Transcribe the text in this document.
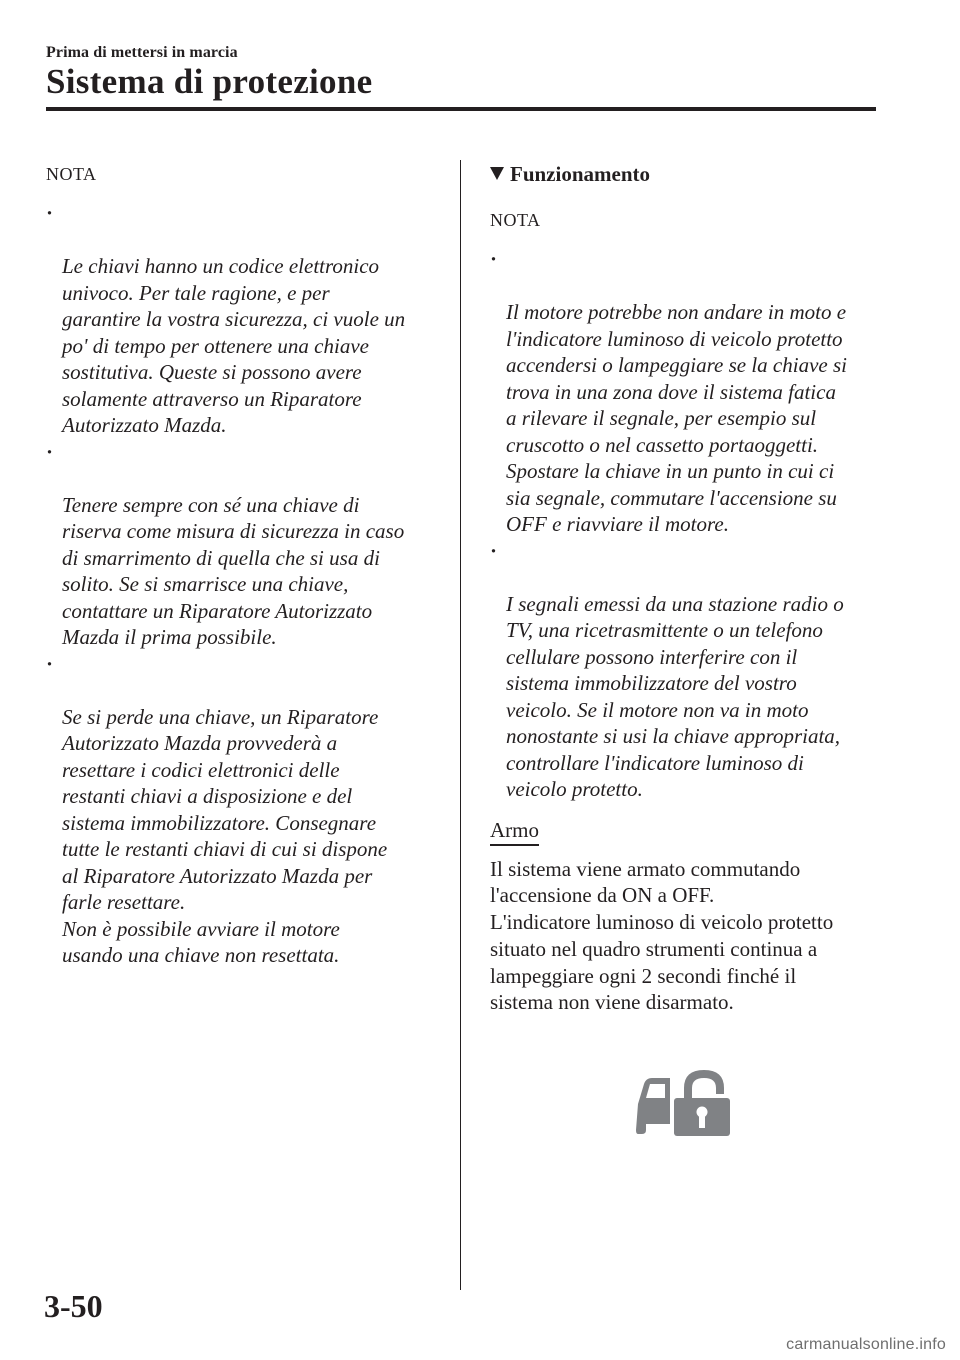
Prima di mettersi in marcia
Sistema di protezione
NOTA

·

Le chiavi hanno un codice elettronico
univoco. Per tale ragione, e per
garantire la vostra sicurezza, ci vuole un
po' di tempo per ottenere una chiave
sostitutiva. Queste si possono avere
solamente attraverso un Riparatore
Autorizzato Mazda.

·

Tenere sempre con sé una chiave di
riserva come misura di sicurezza in caso
di smarrimento di quella che si usa di
solito. Se si smarrisce una chiave,
contattare un Riparatore Autorizzato
Mazda il prima possibile.

·

Se si perde una chiave, un Riparatore
Autorizzato Mazda provvederà a
resettare i codici elettronici delle
restanti chiavi a disposizione e del
sistema immobilizzatore. Consegnare
tutte le restanti chiavi di cui si dispone
al Riparatore Autorizzato Mazda per
farle resettare.

Non è possibile avviare il motore
usando una chiave non resettata.

Funzionamento
NOTA

·

Il motore potrebbe non andare in moto e
l'indicatore luminoso di veicolo protetto
accendersi o lampeggiare se la chiave si
trova in una zona dove il sistema fatica
a rilevare il segnale, per esempio sul
cruscotto o nel cassetto portaoggetti.
Spostare la chiave in un punto in cui ci
sia segnale, commutare l'accensione su
OFF e riavviare il motore.

·

I segnali emessi da una stazione radio o
TV, una ricetrasmittente o un telefono
cellulare possono interferire con il
sistema immobilizzatore del vostro
veicolo. Se il motore non va in moto
nonostante si usi la chiave appropriata,
controllare l'indicatore luminoso di
veicolo protetto.

Armo
Il sistema viene armato commutando
l'accensione da ON a OFF.
L'indicatore luminoso di veicolo protetto
situato nel quadro strumenti continua a
lampeggiare ogni 2 secondi finché il
sistema non viene disarmato.
3-50
carmanualsonline.info
